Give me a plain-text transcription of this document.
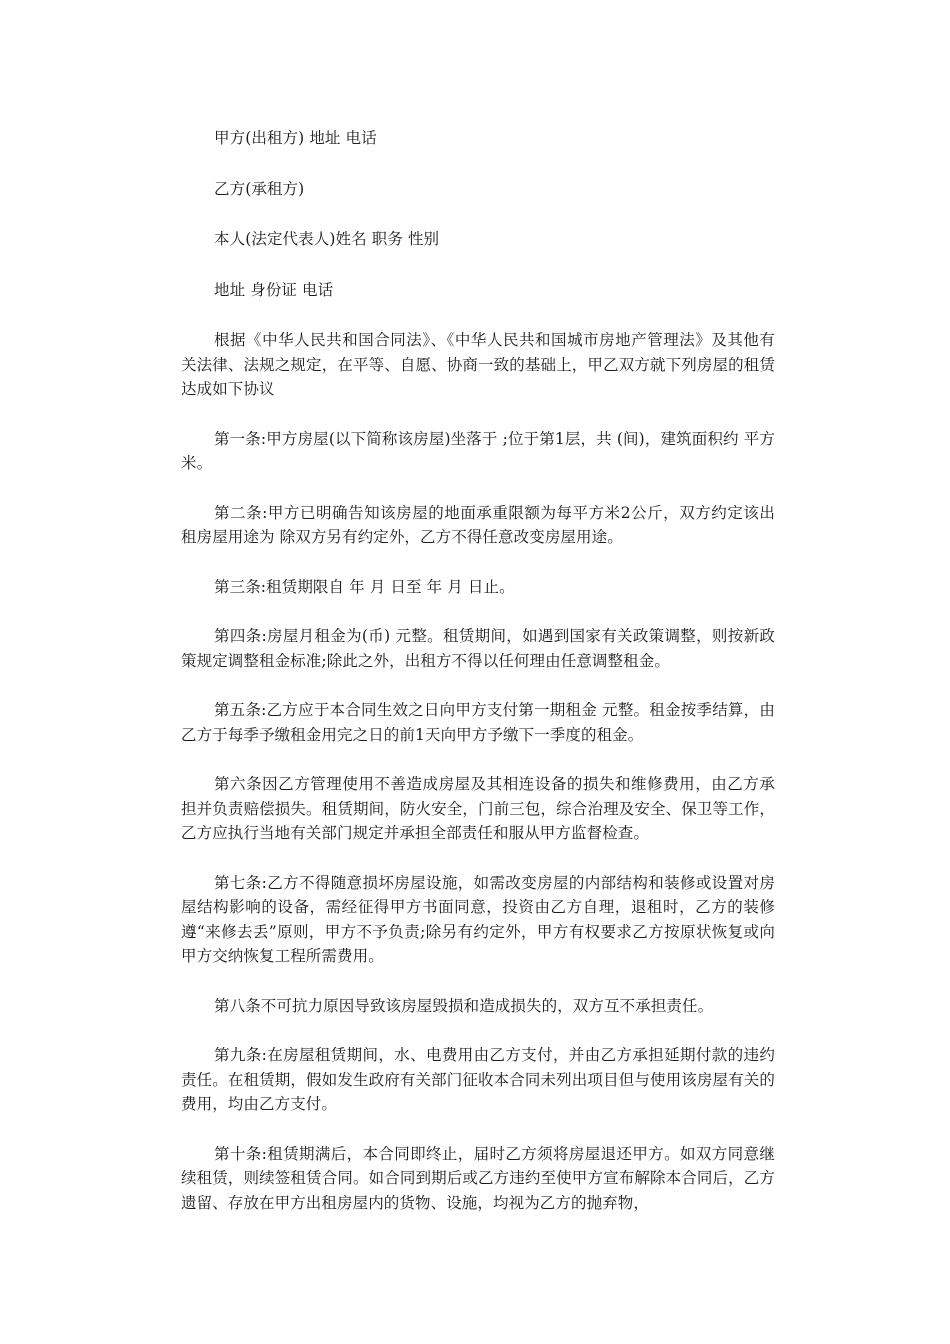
甲方(出租方) 地址 电话

乙方(承租方)

本人(法定代表人)姓名 职务 性别

地址 身份证 电话

根据《中华人民共和国合同法》、《中华人民共和国城市房地产管理法》及其他有关法律、法规之规定，在平等、自愿、协商一致的基础上，甲乙双方就下列房屋的租赁达成如下协议

第一条:甲方房屋(以下简称该房屋)坐落于 ;位于第1层，共 (间)，建筑面积约 平方米。

第二条:甲方已明确告知该房屋的地面承重限额为每平方米2公斤，双方约定该出租房屋用途为 除双方另有约定外，乙方不得任意改变房屋用途。

第三条:租赁期限自 年 月 日至 年 月 日止。

第四条:房屋月租金为(币) 元整。租赁期间，如遇到国家有关政策调整，则按新政策规定调整租金标准;除此之外，出租方不得以任何理由任意调整租金。

第五条:乙方应于本合同生效之日向甲方支付第一期租金 元整。租金按季结算，由乙方于每季予缴租金用完之日的前1天向甲方予缴下一季度的租金。

第六条因乙方管理使用不善造成房屋及其相连设备的损失和维修费用，由乙方承担并负责赔偿损失。租赁期间，防火安全，门前三包，综合治理及安全、保卫等工作，乙方应执行当地有关部门规定并承担全部责任和服从甲方监督检查。

第七条:乙方不得随意损坏房屋设施，如需改变房屋的内部结构和装修或设置对房屋结构影响的设备，需经征得甲方书面同意，投资由乙方自理，退租时，乙方的装修遵“来修去丢”原则，甲方不予负责;除另有约定外，甲方有权要求乙方按原状恢复或向甲方交纳恢复工程所需费用。

第八条不可抗力原因导致该房屋毁损和造成损失的，双方互不承担责任。

第九条:在房屋租赁期间，水、电费用由乙方支付，并由乙方承担延期付款的违约责任。在租赁期，假如发生政府有关部门征收本合同未列出项目但与使用该房屋有关的费用，均由乙方支付。

第十条:租赁期满后，本合同即终止，届时乙方须将房屋退还甲方。如双方同意继续租赁，则续签租赁合同。如合同到期后或乙方违约至使甲方宣布解除本合同后，乙方遗留、存放在甲方出租房屋内的货物、设施，均视为乙方的抛弃物，
